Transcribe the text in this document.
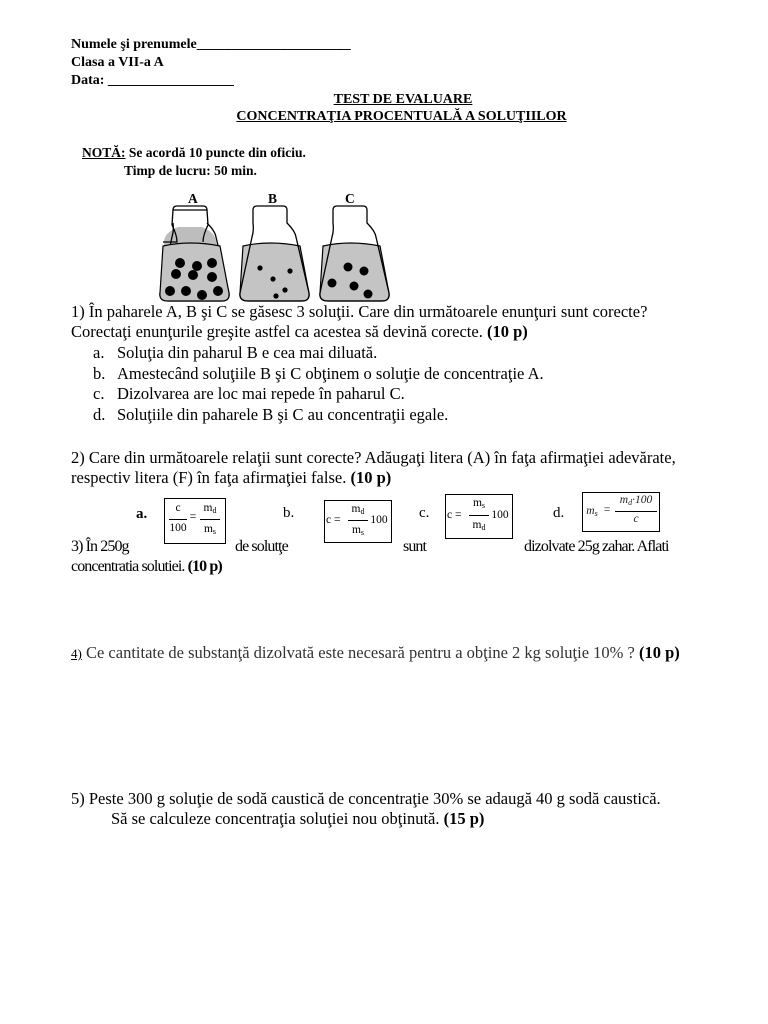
Numele şi prenumele______________________
Clasa a VII-a A
Data: __________________
TEST DE EVALUARE
CONCENTRAŢIA PROCENTUALĂ A SOLUŢIILOR
NOTĂ: Se acordă 10 puncte din oficiu.
Timp de lucru: 50 min.
A	B	C
1) În paharele A, B şi C se găsesc 3 soluţii. Care din următoarele enunţuri sunt corecte?
Corectaţi enunţurile greşite astfel ca acestea să devină corecte. (10 p)
a. Soluţia din paharul B e cea mai diluată.
b. Amestecând soluţiile B şi C obţinem o soluţie de concentraţie A.
c. Dizolvarea are loc mai repede în paharul C.
d. Soluţiile din paharele B şi C au concentraţii egale.
2) Care din următoarele relaţii sunt corecte? Adăugaţi litera (A) în faţa afirmaţiei adevărate,
respectiv litera (F) în faţa afirmaţiei false. (10 p)
a.	c
100
=
$m_d$
$m_s$
b.	c =
$m_d$
$m_s$
100 c. c =
$m_s$
$m_d$
100	d. $m_s$ =
$m_d\cdot 100$
c
3) În 250g	de solutţe	sunt	dizolvate 25g zahar. Aflati
concentratia solutiei. (10 p)
4) Ce cantitate de substanţă dizolvată este necesară pentru a obţine 2 kg soluţie 10% ? (10 p)
5) Peste 300 g soluţie de sodă caustică de concentraţie 30% se adaugă 40 g sodă caustică.
Să se calculeze concentraţia soluţiei nou obţinută. (15 p)
